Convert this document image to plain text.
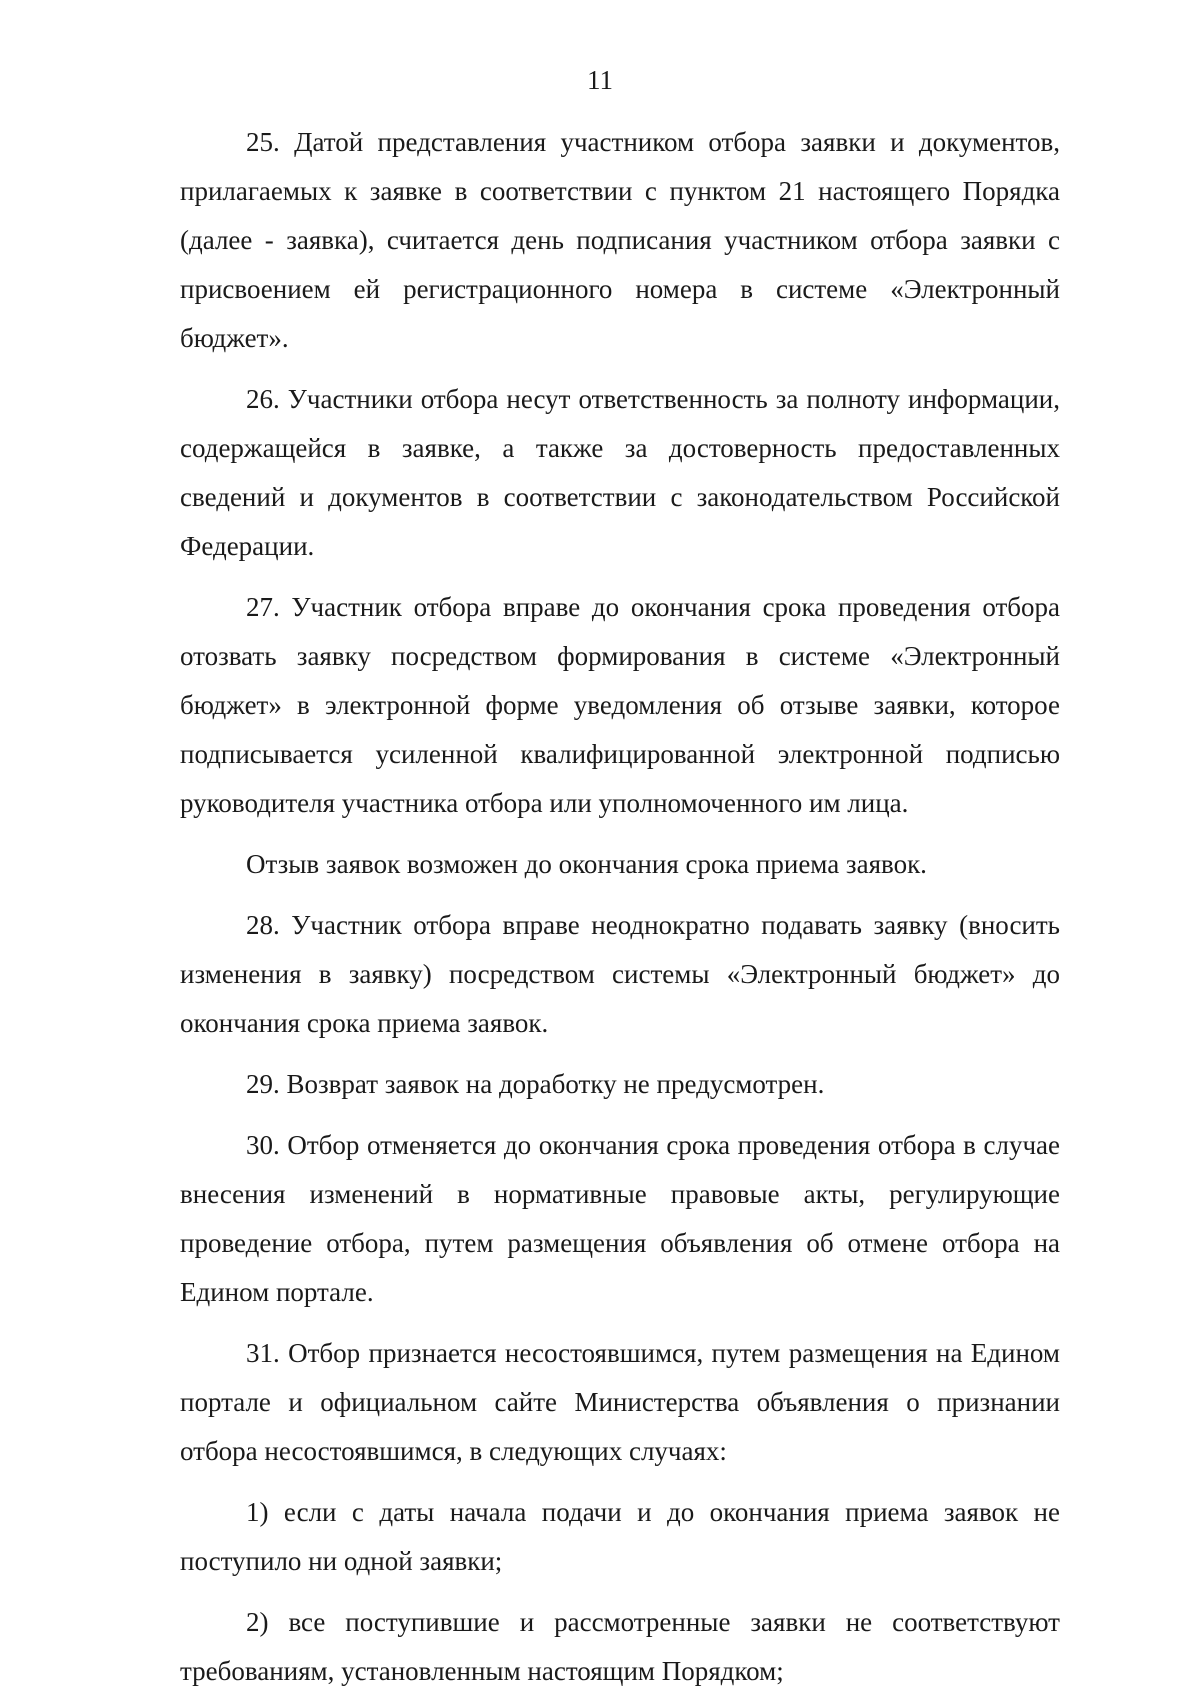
11

25. Датой представления участником отбора заявки и документов, прилагаемых к заявке в соответствии с пунктом 21 настоящего Порядка (далее - заявка), считается день подписания участником отбора заявки с присвоением ей регистрационного номера в системе «Электронный бюджет».

26. Участники отбора несут ответственность за полноту информации, содержащейся в заявке, а также за достоверность предоставленных сведений и документов в соответствии с законодательством Российской Федерации.

27. Участник отбора вправе до окончания срока проведения отбора отозвать заявку посредством формирования в системе «Электронный бюджет» в электронной форме уведомления об отзыве заявки, которое подписывается усиленной квалифицированной электронной подписью руководителя участника отбора или уполномоченного им лица.

Отзыв заявок возможен до окончания срока приема заявок.

28. Участник отбора вправе неоднократно подавать заявку (вносить изменения в заявку) посредством системы «Электронный бюджет» до окончания срока приема заявок.

29. Возврат заявок на доработку не предусмотрен.

30. Отбор отменяется до окончания срока проведения отбора в случае внесения изменений в нормативные правовые акты, регулирующие проведение отбора, путем размещения объявления об отмене отбора на Едином портале.

31. Отбор признается несостоявшимся, путем размещения на Едином портале и официальном сайте Министерства объявления о признании отбора несостоявшимся, в следующих случаях:

1) если с даты начала подачи и до окончания приема заявок не поступило ни одной заявки;

2) все поступившие и рассмотренные заявки не соответствуют требованиям, установленным настоящим Порядком;
